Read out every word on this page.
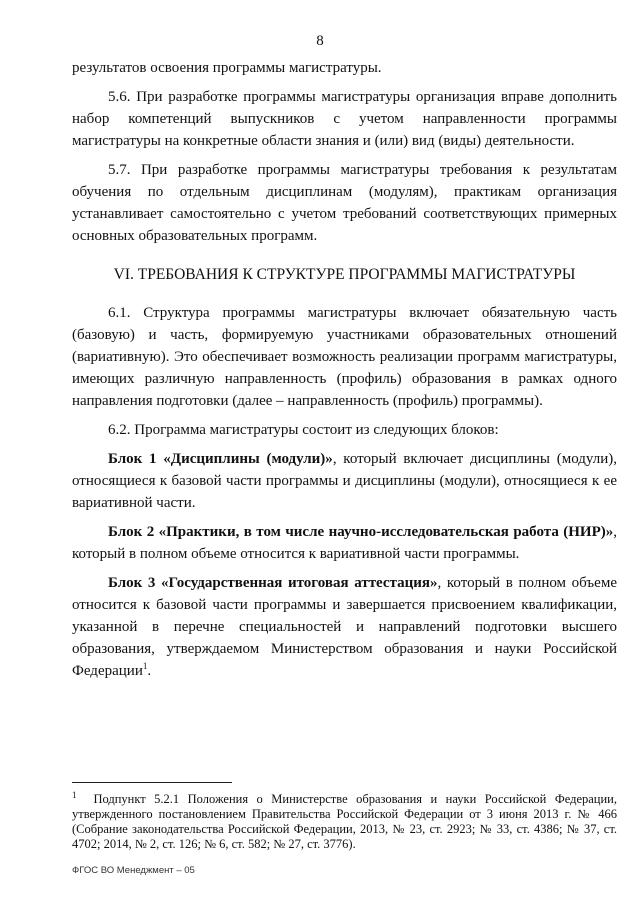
8

результатов освоения программы магистратуры.

5.6. При разработке программы магистратуры организация вправе дополнить набор компетенций выпускников с учетом направленности программы магистратуры на конкретные области знания и (или) вид (виды) деятельности.

5.7. При разработке программы магистратуры требования к результатам обучения по отдельным дисциплинам (модулям), практикам организация устанавливает самостоятельно с учетом требований соответствующих примерных основных образовательных программ.

VI. ТРЕБОВАНИЯ К СТРУКТУРЕ ПРОГРАММЫ МАГИСТРАТУРЫ

6.1. Структура программы магистратуры включает обязательную часть (базовую) и часть, формируемую участниками образовательных отношений (вариативную). Это обеспечивает возможность реализации программ магистратуры, имеющих различную направленность (профиль) образования в рамках одного направления подготовки (далее – направленность (профиль) программы).

6.2. Программа магистратуры состоит из следующих блоков:

Блок 1 «Дисциплины (модули)», который включает дисциплины (модули), относящиеся к базовой части программы и дисциплины (модули), относящиеся к ее вариативной части.

Блок 2 «Практики, в том числе научно-исследовательская работа (НИР)», который в полном объеме относится к вариативной части программы.

Блок 3 «Государственная итоговая аттестация», который в полном объеме относится к базовой части программы и завершается присвоением квалификации, указанной в перечне специальностей и направлений подготовки высшего образования, утверждаемом Министерством образования и науки Российской Федерации$^1$.

$^1$ Подпункт 5.2.1 Положения о Министерстве образования и науки Российской Федерации, утвержденного постановлением Правительства Российской Федерации от 3 июня 2013 г. № 466 (Собрание законодательства Российской Федерации, 2013, № 23, ст. 2923; № 33, ст. 4386; № 37, ст. 4702; 2014, № 2, ст. 126; № 6, ст. 582; № 27, ст. 3776).
ФГОС ВО Менеджмент – 05
